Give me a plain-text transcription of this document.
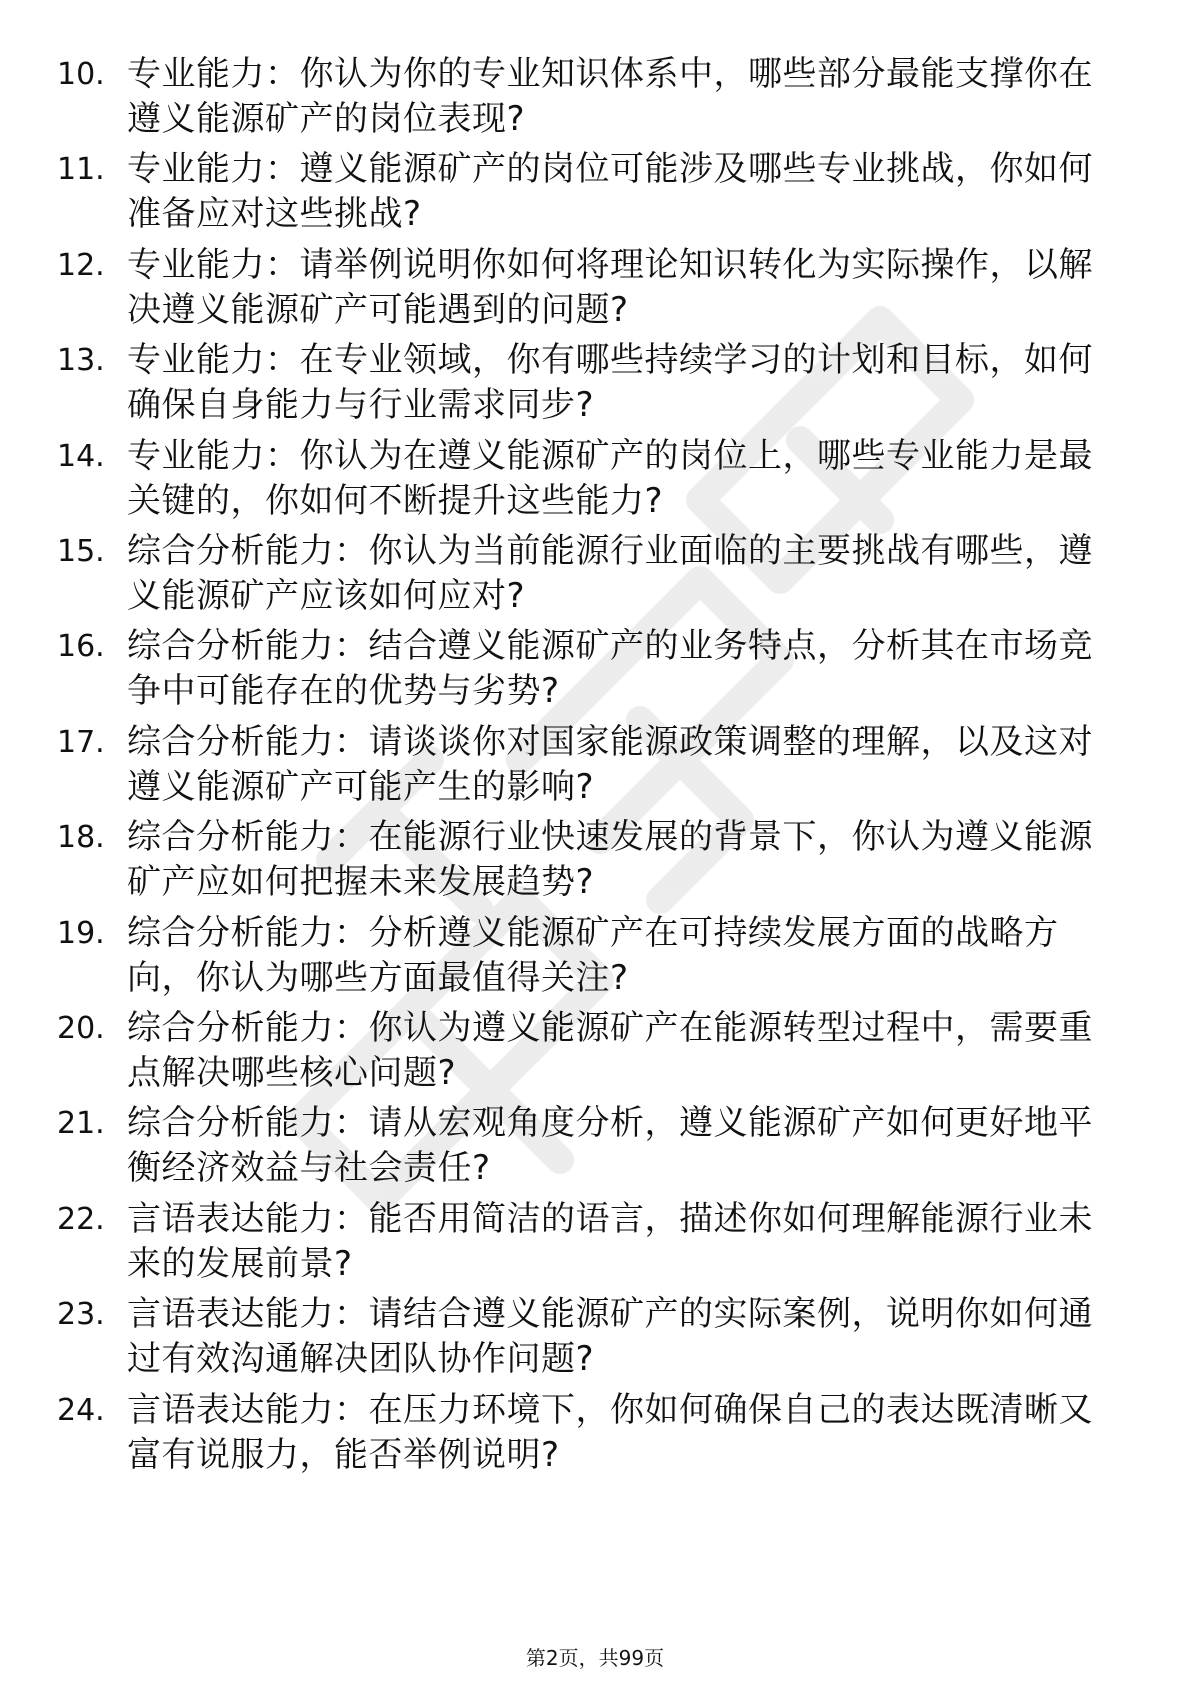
10. 专业能力：你认为你的专业知识体系中，哪些部分最能支撑你在
遵义能源矿产的岗位表现?
11. 专业能力：遵义能源矿产的岗位可能涉及哪些专业挑战，你如何
准备应对这些挑战?
12. 专业能力：请举例说明你如何将理论知识转化为实际操作，以解
决遵义能源矿产可能遇到的问题?
13. 专业能力：在专业领域，你有哪些持续学习的计划和目标，如何
确保自身能力与行业需求同步?
14. 专业能力：你认为在遵义能源矿产的岗位上，哪些专业能力是最
关键的，你如何不断提升这些能力?
15. 综合分析能力：你认为当前能源行业面临的主要挑战有哪些，遵
义能源矿产应该如何应对?
16. 综合分析能力：结合遵义能源矿产的业务特点，分析其在市场竞
争中可能存在的优势与劣势?
17. 综合分析能力：请谈谈你对国家能源政策调整的理解，以及这对
遵义能源矿产可能产生的影响?
18. 综合分析能力：在能源行业快速发展的背景下，你认为遵义能源
矿产应如何把握未来发展趋势?
19. 综合分析能力：分析遵义能源矿产在可持续发展方面的战略方
向，你认为哪些方面最值得关注?
20. 综合分析能力：你认为遵义能源矿产在能源转型过程中，需要重
点解决哪些核心问题?
21. 综合分析能力：请从宏观角度分析，遵义能源矿产如何更好地平
衡经济效益与社会责任?
22. 言语表达能力：能否用简洁的语言，描述你如何理解能源行业未
来的发展前景?
23. 言语表达能力：请结合遵义能源矿产的实际案例，说明你如何通
过有效沟通解决团队协作问题?
24. 言语表达能力：在压力环境下，你如何确保自己的表达既清晰又
富有说服力，能否举例说明?
第2页，共99页
